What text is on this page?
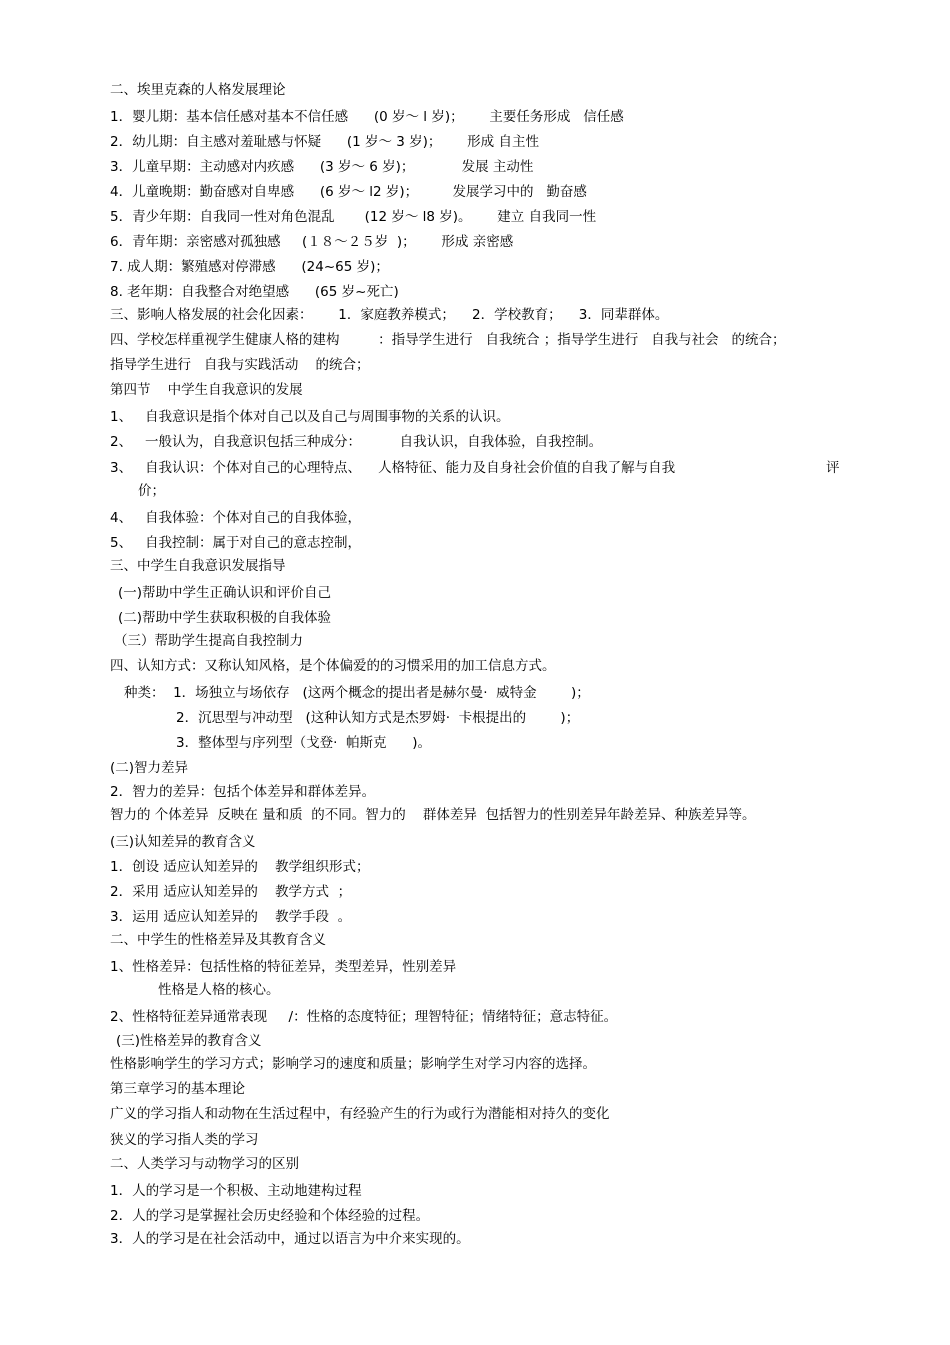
二、埃里克森的人格发展理论
1．婴儿期：基本信任感对基本不信任感      (0 岁～ l 岁)；      主要任务形成   信任感
2．幼儿期：自主感对羞耻感与怀疑      (1 岁～ 3 岁)；      形成 自主性
3．儿童早期：主动感对内疚感      (3 岁～ 6 岁)；           发展 主动性
4．儿童晚期：勤奋感对自卑感      (6 岁～ l2 岁)；        发展学习中的   勤奋感
5．青少年期：自我同一性对角色混乱       (12 岁～ l8 岁)。      建立 自我同一性
6．青年期：亲密感对孤独感     (１８～２５岁  )；      形成 亲密感
7. 成人期：繁殖感对停滞感      (24~65 岁)；
8. 老年期：自我整合对绝望感      (65 岁~死亡)
三、影响人格发展的社会化因素：      1．家庭教养模式；    2．学校教育；    3．同辈群体。
四、学校怎样重视学生健康人格的建构         ：指导学生进行   自我统合 ；指导学生进行   自我与社会   的统合；
指导学生进行   自我与实践活动    的统合；
第四节    中学生自我意识的发展
1、   自我意识是指个体对自己以及自己与周围事物的关系的认识。
2、   一般认为，自我意识包括三种成分：         自我认识，自我体验，自我控制。
3、   自我认识：个体对自己的心理特点、    人格特征、能力及自身社会价值的自我了解与自我	评
价；
4、   自我体验：个体对自己的自我体验，
5、   自我控制：属于对自己的意志控制，
三、中学生自我意识发展指导
(一)帮助中学生正确认识和评价自己
(二)帮助中学生获取积极的自我体验
（三）帮助学生提高自我控制力
四、认知方式：又称认知风格，是个体偏爱的的习惯采用的加工信息方式。
种类：  1．场独立与场依存   (这两个概念的提出者是赫尔曼·  威特金        )；
2．沉思型与冲动型   (这种认知方式是杰罗姆·  卡根提出的        )；
3．整体型与序列型（戈登·  帕斯克      )。
(二)智力差异
2．智力的差异：包括个体差异和群体差异。
智力的 个体差异  反映在 量和质  的不同。智力的    群体差异  包括智力的性别差异年龄差异、种族差异等。
(三)认知差异的教育含义
1．创设 适应认知差异的    教学组织形式；
2．采用 适应认知差异的    教学方式  ；
3．运用 适应认知差异的    教学手段  。
二、中学生的性格差异及其教育含义
1、性格差异：包括性格的特征差异，类型差异，性别差异
性格是人格的核心。
2、性格特征差异通常表现     /：性格的态度特征；理智特征；情绪特征；意志特征。
(三)性格差异的教育含义
性格影响学生的学习方式；影响学习的速度和质量；影响学生对学习内容的选择。
第三章学习的基本理论
广义的学习指人和动物在生活过程中，有经验产生的行为或行为潜能相对持久的变化
狭义的学习指人类的学习
二、人类学习与动物学习的区别
1．人的学习是一个积极、主动地建构过程
2．人的学习是掌握社会历史经验和个体经验的过程。
3．人的学习是在社会活动中，通过以语言为中介来实现的。
